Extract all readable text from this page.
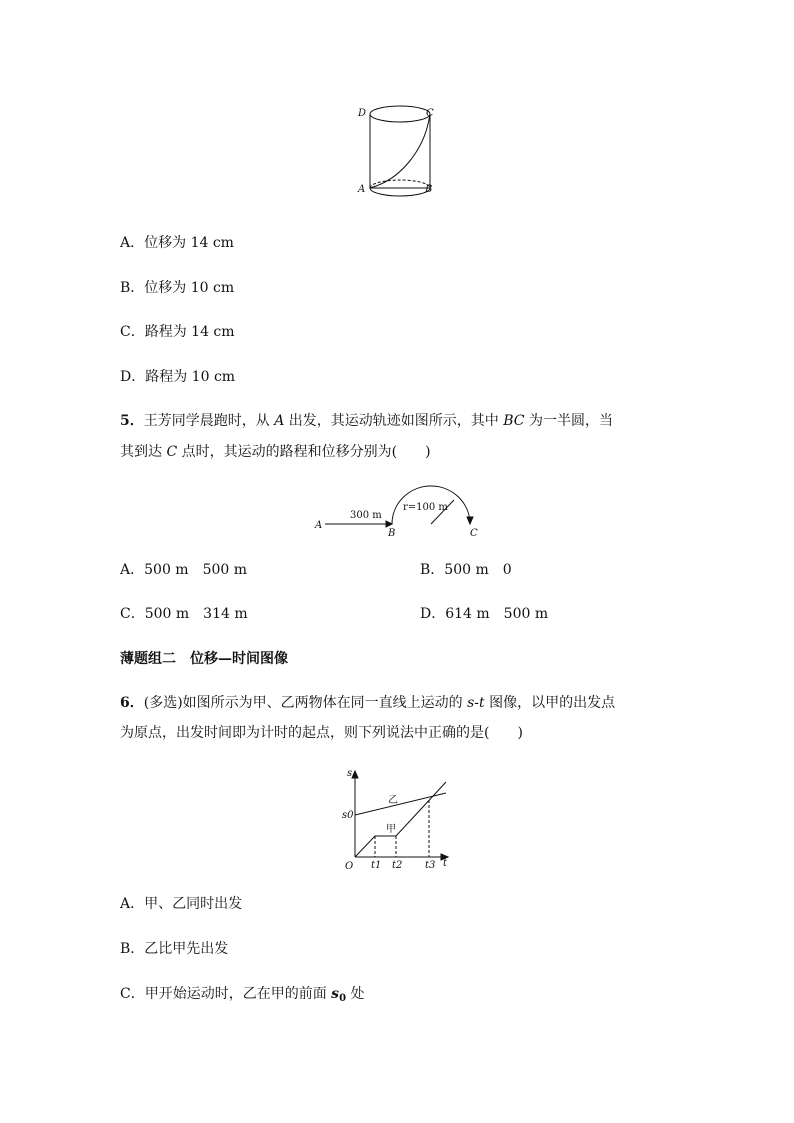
D	C
A	B
A．位移为 14 cm
B．位移为 10 cm
C．路程为 14 cm
D．路程为 10 cm
5．王芳同学晨跑时，从 A 出发，其运动轨迹如图所示，其中 BC 为一半圆，当
其到达 C 点时，其运动的路程和位移分别为(　　)
A
300 m
B
r=100 m
C
A．500 m　500 m	B．500 m　0
C．500 m　314 m	D．614 m　500 m
薄题组二　位移—时间图像
6．(多选)如图所示为甲、乙两物体在同一直线上运动的 s-t 图像，以甲的出发点
为原点，出发时间即为计时的起点，则下列说法中正确的是(　　)
s
t
O
s0
t1 t2 t3
甲
乙
A．甲、乙同时出发
B．乙比甲先出发
C．甲开始运动时，乙在甲的前面 $s_0$ 处
